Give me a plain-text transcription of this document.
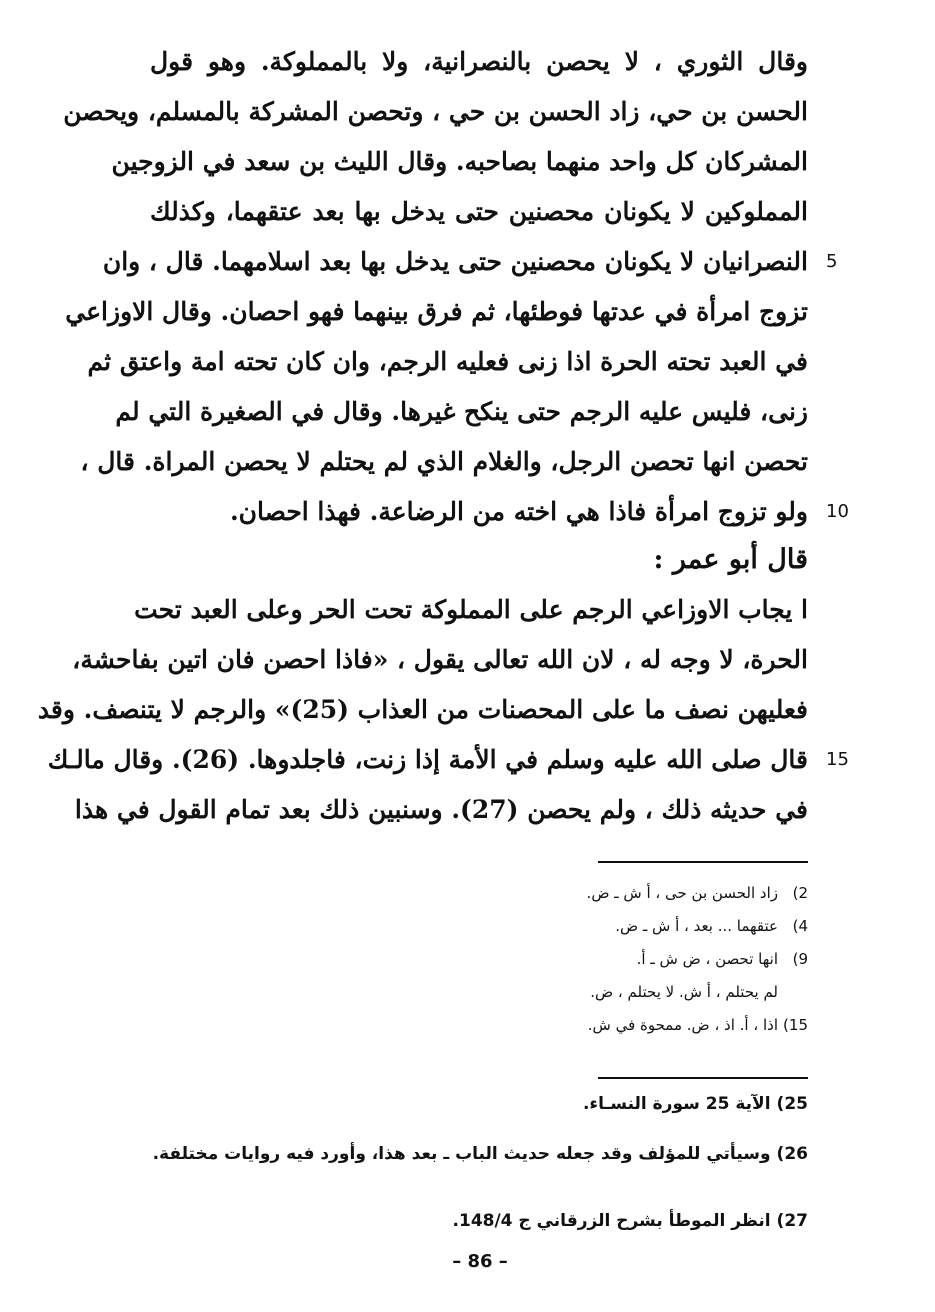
وقال الثوري ، لا يحصن بالنصرانية، ولا بالمملوكة. وهو قول
الحسن بن حي، زاد الحسن بن حي ، وتحصن المشركة بالمسلم، ويحصن
المشركان كل واحد منهما بصاحبه. وقال الليث بن سعد في الزوجين
المملوكين لا يكونان محصنين حتى يدخل بها بعد عتقهما، وكذلك
النصرانيان لا يكونان محصنين حتى يدخل بها بعد اسلامهما. قال ، وان
تزوج امرأة في عدتها فوطئها، ثم فرق بينهما فهو احصان. وقال الاوزاعي
في العبد تحته الحرة اذا زنى فعليه الرجم، وان كان تحته امة واعتق ثم
زنى، فليس عليه الرجم حتى ينكح غيرها. وقال في الصغيرة التي لم
تحصن انها تحصن الرجل، والغلام الذي لم يحتلم لا يحصن المراة. قال ،
ولو تزوج امرأة فاذا هي اخته من الرضاعة. فهذا احصان.
قال أبو عمر :
ا يجاب الاوزاعي الرجم على المملوكة تحت الحر وعلى العبد تحت
الحرة، لا وجه له ، لان الله تعالى يقول ، «فاذا احصن فان اتين بفاحشة،
فعليهن نصف ما على المحصنات من العذاب (25)» والرجم لا يتنصف. وقد
قال صلى الله عليه وسلم في الأمة إذا زنت، فاجلدوها. (26). وقال مالـك
في حديثه ذلك ، ولم يحصن (27). وسنبين ذلك بعد تمام القول في هذا
5
10
15
2)زاد الحسن بن حى ، أ ش ـ ض.
4)عتقهما ... بعد ، أ ش ـ ض.
9)انها تحصن ، ض ش ـ أ.
لم يحتلم ، أ ش. لا يحتلم ، ض.
15)اذا ، أ. اذ ، ض. ممحوة في ش.
25)الآية 25 سورة النسـاء.
26)وسيأتي للمؤلف وقد جعله حديث الباب ـ بعد هذا، وأورد فيه روايات مختلفة.
27)انظر الموطأ بشرح الزرقاني ج 148/4.
– 86 –
